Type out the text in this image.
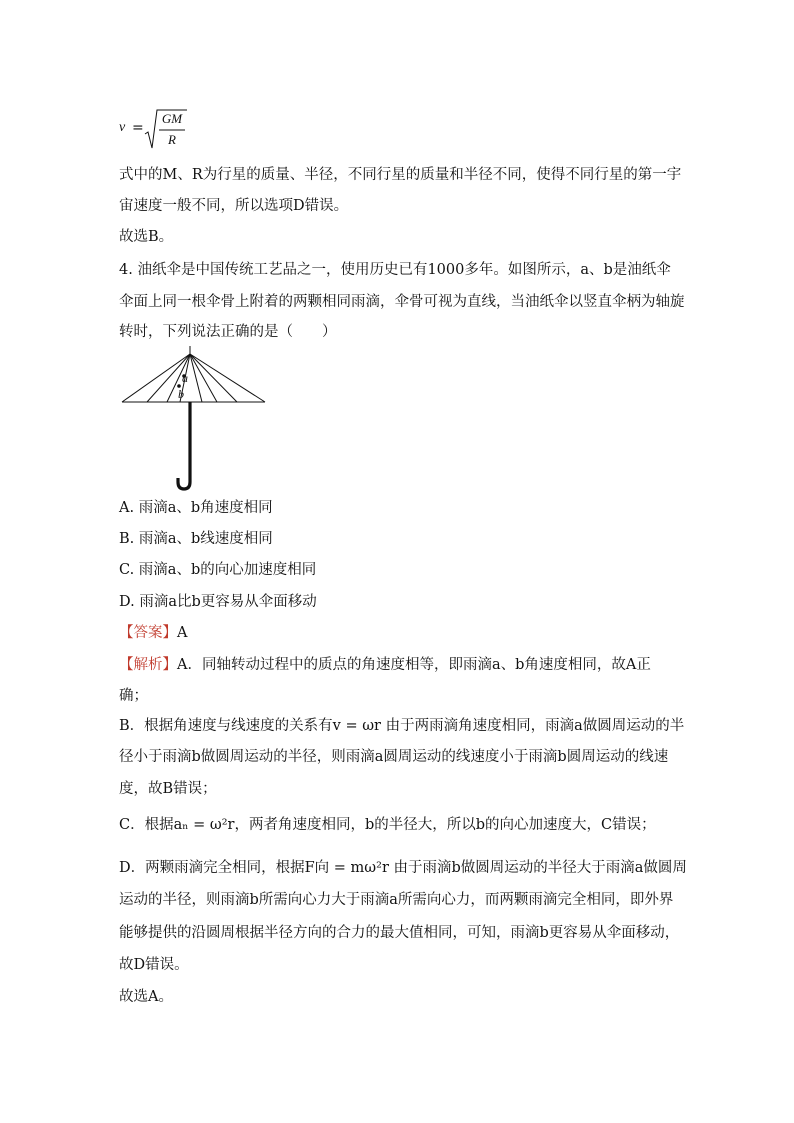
v =
GM
R
式中的M、R为行星的质量、半径，不同行星的质量和半径不同，使得不同行星的第一宇
宙速度一般不同，所以选项D错误。
故选B。
4. 油纸伞是中国传统工艺品之一，使用历史已有1000多年。如图所示，a、b是油纸伞
伞面上同一根伞骨上附着的两颗相同雨滴，伞骨可视为直线，当油纸伞以竖直伞柄为轴旋
转时，下列说法正确的是（　　）
a
b
A. 雨滴a、b角速度相同
B. 雨滴a、b线速度相同
C. 雨滴a、b的向心加速度相同
D. 雨滴a比b更容易从伞面移动
【答案】A
【解析】A．同轴转动过程中的质点的角速度相等，即雨滴a、b角速度相同，故A正
确；
B．根据角速度与线速度的关系有v = ωr 由于两雨滴角速度相同，雨滴a做圆周运动的半
径小于雨滴b做圆周运动的半径，则雨滴a圆周运动的线速度小于雨滴b圆周运动的线速
度，故B错误；
C．根据aₙ = ω²r，两者角速度相同，b的半径大，所以b的向心加速度大，C错误；
D．两颗雨滴完全相同，根据F向 = mω²r 由于雨滴b做圆周运动的半径大于雨滴a做圆周
运动的半径，则雨滴b所需向心力大于雨滴a所需向心力，而两颗雨滴完全相同，即外界
能够提供的沿圆周根据半径方向的合力的最大值相同，可知，雨滴b更容易从伞面移动，
故D错误。
故选A。
